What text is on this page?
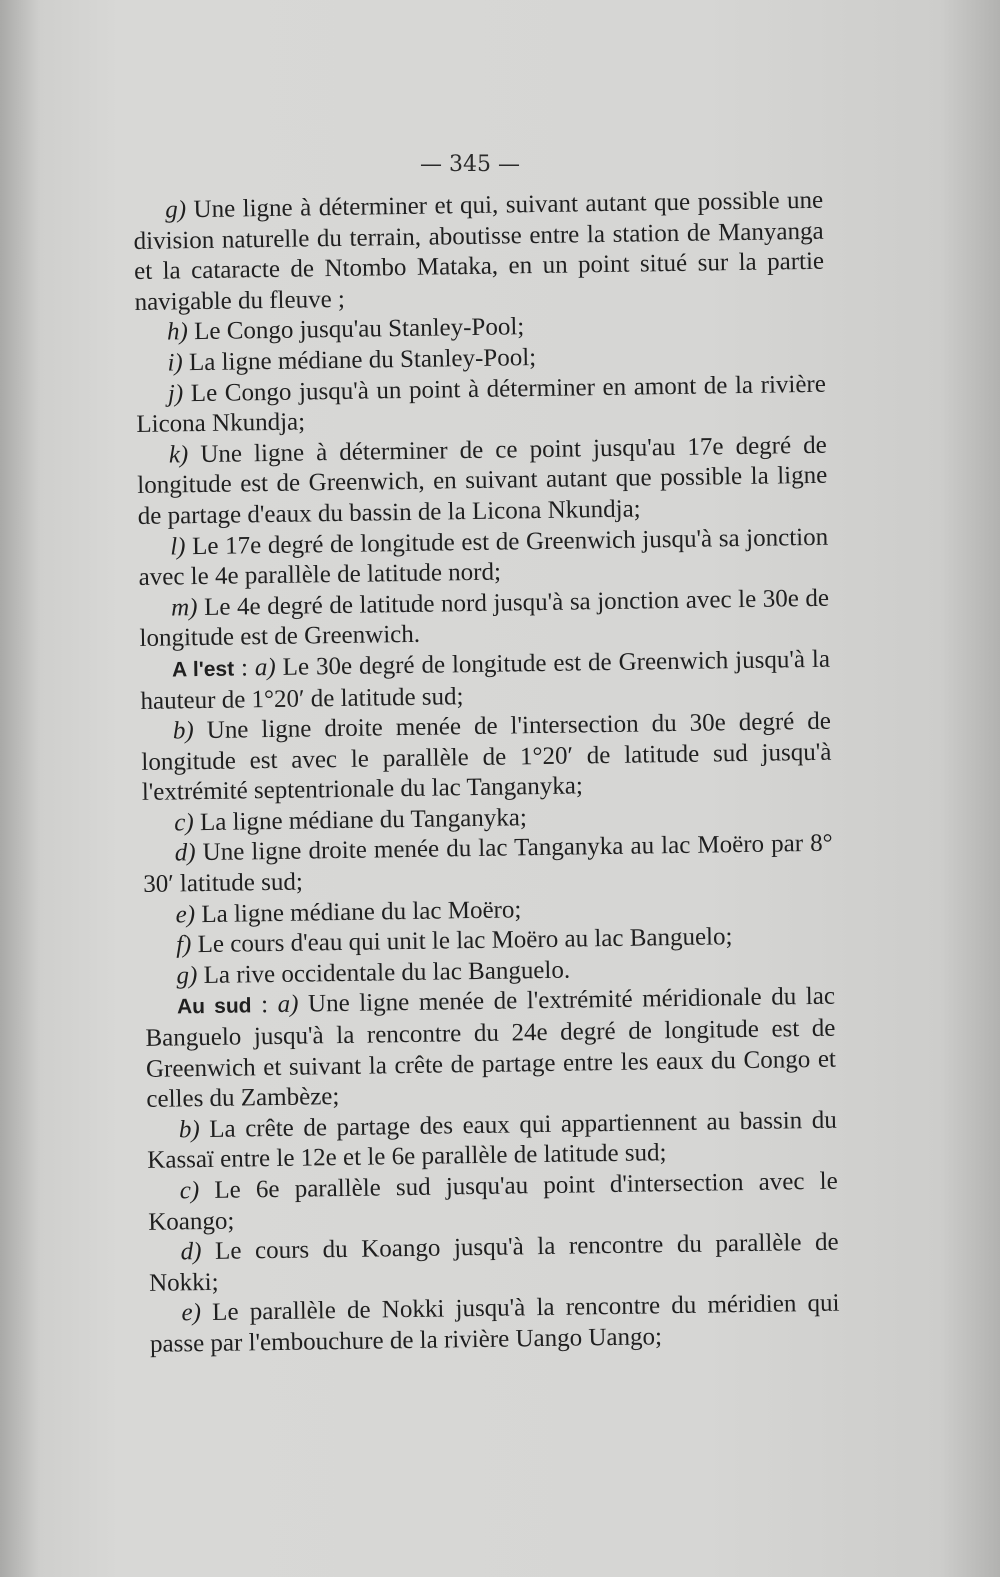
— 345 —

g) Une ligne à déterminer et qui, suivant autant que possible une division naturelle du terrain, aboutisse entre la station de Manyanga et la cataracte de Ntombo Mataka, en un point situé sur la partie navigable du fleuve ;

h) Le Congo jusqu'au Stanley-Pool;

i) La ligne médiane du Stanley-Pool;

j) Le Congo jusqu'à un point à déterminer en amont de la rivière Licona Nkundja;

k) Une ligne à déterminer de ce point jusqu'au 17e degré de longitude est de Greenwich, en suivant autant que possible la ligne de partage d'eaux du bassin de la Licona Nkundja;

l) Le 17e degré de longitude est de Greenwich jusqu'à sa jonction avec le 4e parallèle de latitude nord;

m) Le 4e degré de latitude nord jusqu'à sa jonction avec le 30e de longitude est de Greenwich.

A l'est : a) Le 30e degré de longitude est de Greenwich jusqu'à la hauteur de 1°20′ de latitude sud;

b) Une ligne droite menée de l'intersection du 30e degré de longitude est avec le parallèle de 1°20′ de latitude sud jusqu'à l'extrémité septentrionale du lac Tanganyka;

c) La ligne médiane du Tanganyka;

d) Une ligne droite menée du lac Tanganyka au lac Moëro par 8° 30′ latitude sud;

e) La ligne médiane du lac Moëro;

f) Le cours d'eau qui unit le lac Moëro au lac Banguelo;

g) La rive occidentale du lac Banguelo.

Au sud : a) Une ligne menée de l'extrémité méridionale du lac Banguelo jusqu'à la rencontre du 24e degré de longitude est de Greenwich et suivant la crête de partage entre les eaux du Congo et celles du Zambèze;

b) La crête de partage des eaux qui appartiennent au bassin du Kassaï entre le 12e et le 6e parallèle de latitude sud;

c) Le 6e parallèle sud jusqu'au point d'intersection avec le Koango;

d) Le cours du Koango jusqu'à la rencontre du parallèle de Nokki;

e) Le parallèle de Nokki jusqu'à la rencontre du méridien qui passe par l'embouchure de la rivière Uango Uango;
